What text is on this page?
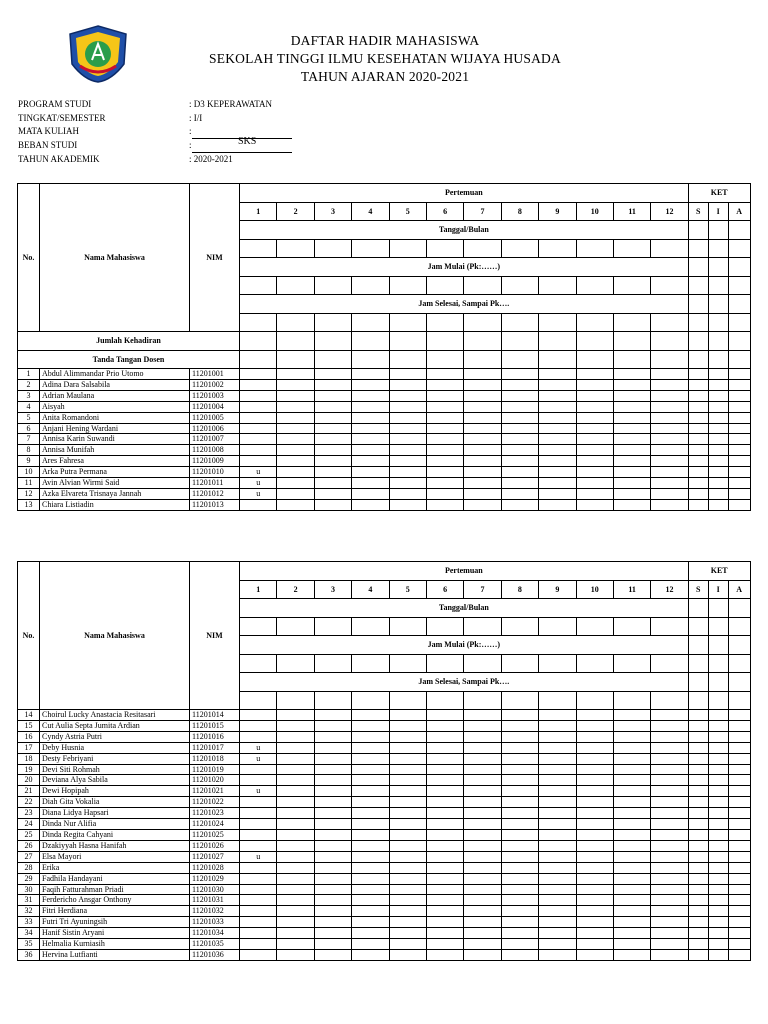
DAFTAR HADIR MAHASISWA
SEKOLAH TINGGI ILMU KESEHATAN WIJAYA HUSADA
TAHUN AJARAN 2020-2021
PROGRAM STUDI	: D3 KEPERAWATAN
TINGKAT/SEMESTER	: I/I
MATA KULIAH	:
BEBAN STUDI	:
TAHUN AKADEMIK	: 2020-2021
SKS
No.	Nama Mahasiswa	NIM	Pertemuan												KET		
			1	2	3	4	5	6	7	8	9	10	11	12	S	I	A
			Tanggal/Bulan														

			Jam Mulai (Pk:……)														

			Jam Selesai, Sampai Pk….														

Jumlah Kehadiran																	
Tanda Tangan Dosen																	
1	Abdul Alimmandar Prio Utomo	11201001															
2	Adina Dara Salsabila	11201002															
3	Adrian Maulana	11201003															
4	Aisyah	11201004															
5	Anita Romandoni	11201005															
6	Anjani Hening Wardani	11201006															
7	Annisa Karin Suwandi	11201007															
8	Annisa Munifah	11201008															
9	Ares Fahresa	11201009															
10	Arka Putra Permana	11201010	u														
11	Avin Alvian Wirmi Said	11201011	u														
12	Azka Elvareta Trisnaya Jannah	11201012	u														
13	Chiara Listiadin	11201013															
No.	Nama Mahasiswa	NIM	Pertemuan												KET		
			1	2	3	4	5	6	7	8	9	10	11	12	S	I	A
			Tanggal/Bulan														

			Jam Mulai (Pk:……)														

			Jam Selesai, Sampai Pk….														

14	Choirul Lucky Anastacia Resitasari	11201014															
15	Cut Aulia Septa Jumita Ardian	11201015															
16	Cyndy Astria Putri	11201016															
17	Deby Husnia	11201017	u														
18	Desty Febriyani	11201018	u														
19	Devi Siti Rohmah	11201019															
20	Deviana Alya Sabila	11201020															
21	Dewi Hopipah	11201021	u														
22	Diah Gita Vokalia	11201022															
23	Diana Lidya Hapsari	11201023															
24	Dinda Nur Alifia	11201024															
25	Dinda Regita Cahyani	11201025															
26	Dzakiyyah Hasna Hanifah	11201026															
27	Elsa Mayori	11201027	u														
28	Erika	11201028															
29	Fadhila Handayani	11201029															
30	Faqih Fatturahman Priadi	11201030															
31	Ferdericho Ansgar Onthony	11201031															
32	Fitri Herdiana	11201032															
33	Futri Tri Ayuningsih	11201033															
34	Hanif Sistin Aryani	11201034															
35	Helmalia Kurniasih	11201035															
36	Hervina Lutfianti	11201036															
